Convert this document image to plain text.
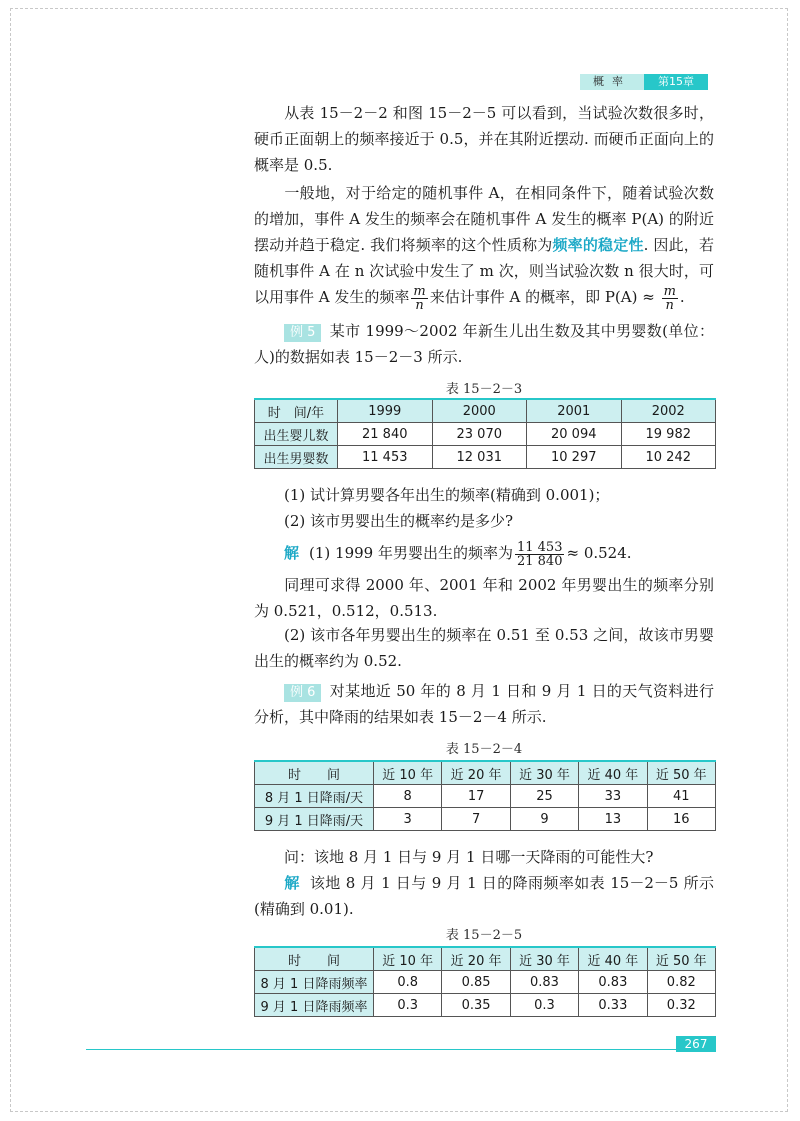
概率	第15章
从表 15－2－2 和图 15－2－5 可以看到，当试验次数很多时，硬币正面朝上的频率接近于 0.5，并在其附近摆动. 而硬币正面向上的概率是 0.5.
一般地，对于给定的随机事件 A，在相同条件下，随着试验次数的增加，事件 A 发生的频率会在随机事件 A 发生的概率 P(A) 的附近摆动并趋于稳定. 我们将频率的这个性质称为频率的稳定性. 因此，若随机事件 A 在 n 次试验中发生了 m 次，则当试验次数 n 很大时，可以用事件 A 发生的频率 $\frac{m}{n}$ 来估计事件 A 的概率，即 $P(A) \approx \frac{m}{n}$ .
例 5 某市 1999～2002 年新生儿出生数及其中男婴数(单位：人)的数据如表 15－2－3 所示.
表 15－2－3
时　间/年	1999	2000	2001	2002
出生婴儿数	21 840	23 070	20 094	19 982
出生男婴数	11 453	12 031	10 297	10 242
(1) 试计算男婴各年出生的频率(精确到 0.001)；
(2) 该市男婴出生的概率约是多少?
解 (1) 1999 年男婴出生的频率为 $\frac{11 453}{21 840} \approx 0.524$.
同理可求得 2000 年、2001 年和 2002 年男婴出生的频率分别为 0.521，0.512，0.513.
(2) 该市各年男婴出生的频率在 0.51 至 0.53 之间，故该市男婴出生的概率约为 0.52.
例 6 对某地近 50 年的 8 月 1 日和 9 月 1 日的天气资料进行分析，其中降雨的结果如表 15－2－4 所示.
表 15－2－4
时　　间	近 10 年	近 20 年	近 30 年	近 40 年	近 50 年
8 月 1 日降雨/天	8	17	25	33	41
9 月 1 日降雨/天	3	7	9	13	16
问：该地 8 月 1 日与 9 月 1 日哪一天降雨的可能性大?
解 该地 8 月 1 日与 9 月 1 日的降雨频率如表 15－2－5 所示(精确到 0.01).
表 15－2－5
时　　间	近 10 年	近 20 年	近 30 年	近 40 年	近 50 年
8 月 1 日降雨频率	0.8	0.85	0.83	0.83	0.82
9 月 1 日降雨频率	0.3	0.35	0.3	0.33	0.32
267
